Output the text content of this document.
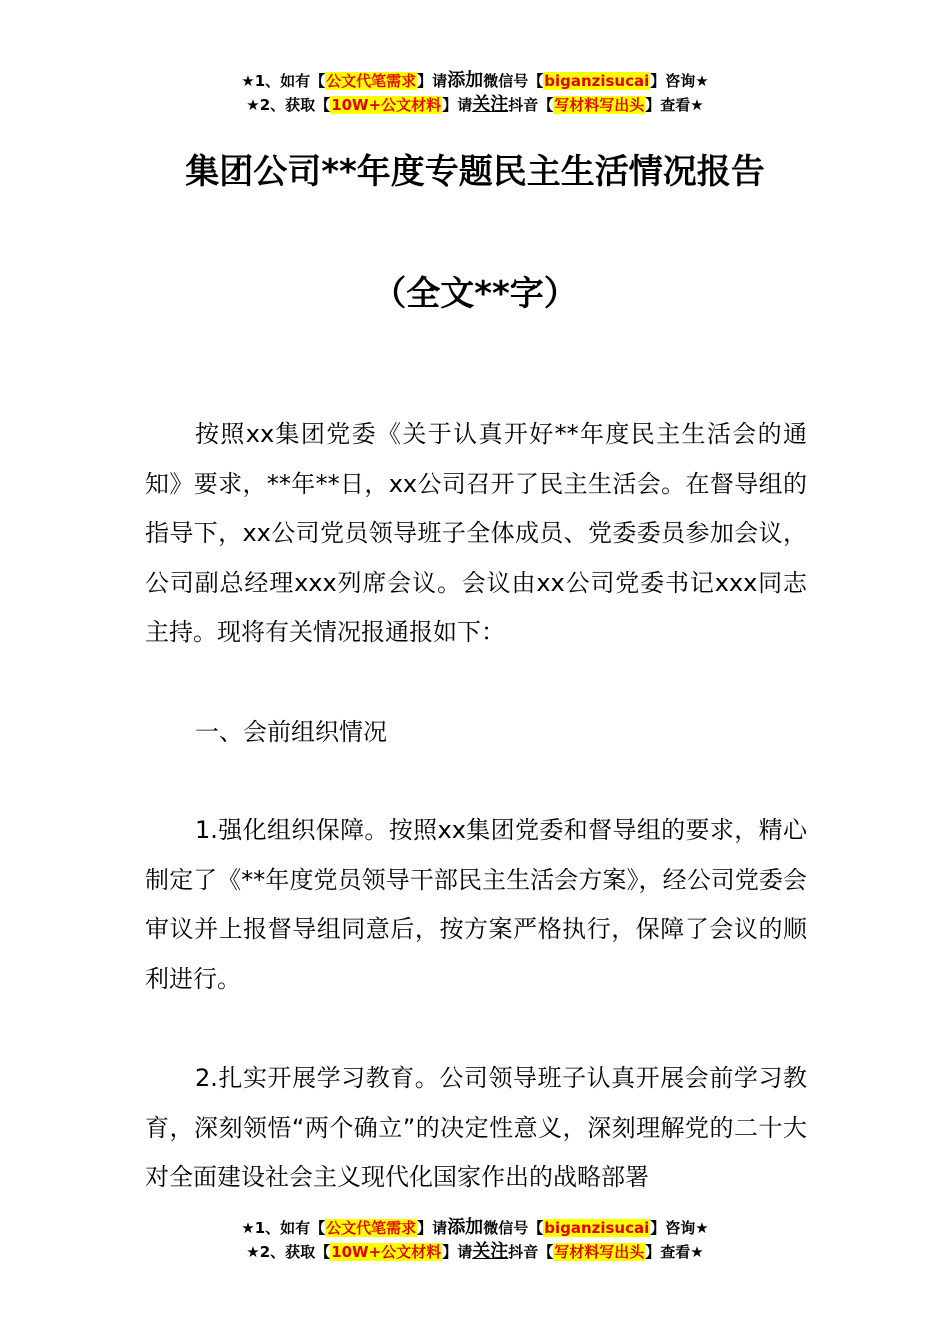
★1、如有【公文代笔需求】请添加微信号【biganzisucai】咨询★
★2、获取【10W+公文材料】请关注抖音【写材料写出头】查看★
集团公司**年度专题民主生活情况报告
（全文**字）

按照xx集团党委《关于认真开好**年度民主生活会的通知》要求，**年**日，xx公司召开了民主生活会。在督导组的指导下，xx公司党员领导班子全体成员、党委委员参加会议，公司副总经理xxx列席会议。会议由xx公司党委书记xxx同志主持。现将有关情况报通报如下：

一、会前组织情况

1.强化组织保障。按照xx集团党委和督导组的要求，精心制定了《**年度党员领导干部民主生活会方案》，经公司党委会审议并上报督导组同意后，按方案严格执行，保障了会议的顺利进行。

2.扎实开展学习教育。公司领导班子认真开展会前学习教育，深刻领悟“两个确立”的决定性意义，深刻理解党的二十大对全面建设社会主义现代化国家作出的战略部署

★1、如有【公文代笔需求】请添加微信号【biganzisucai】咨询★
★2、获取【10W+公文材料】请关注抖音【写材料写出头】查看★
